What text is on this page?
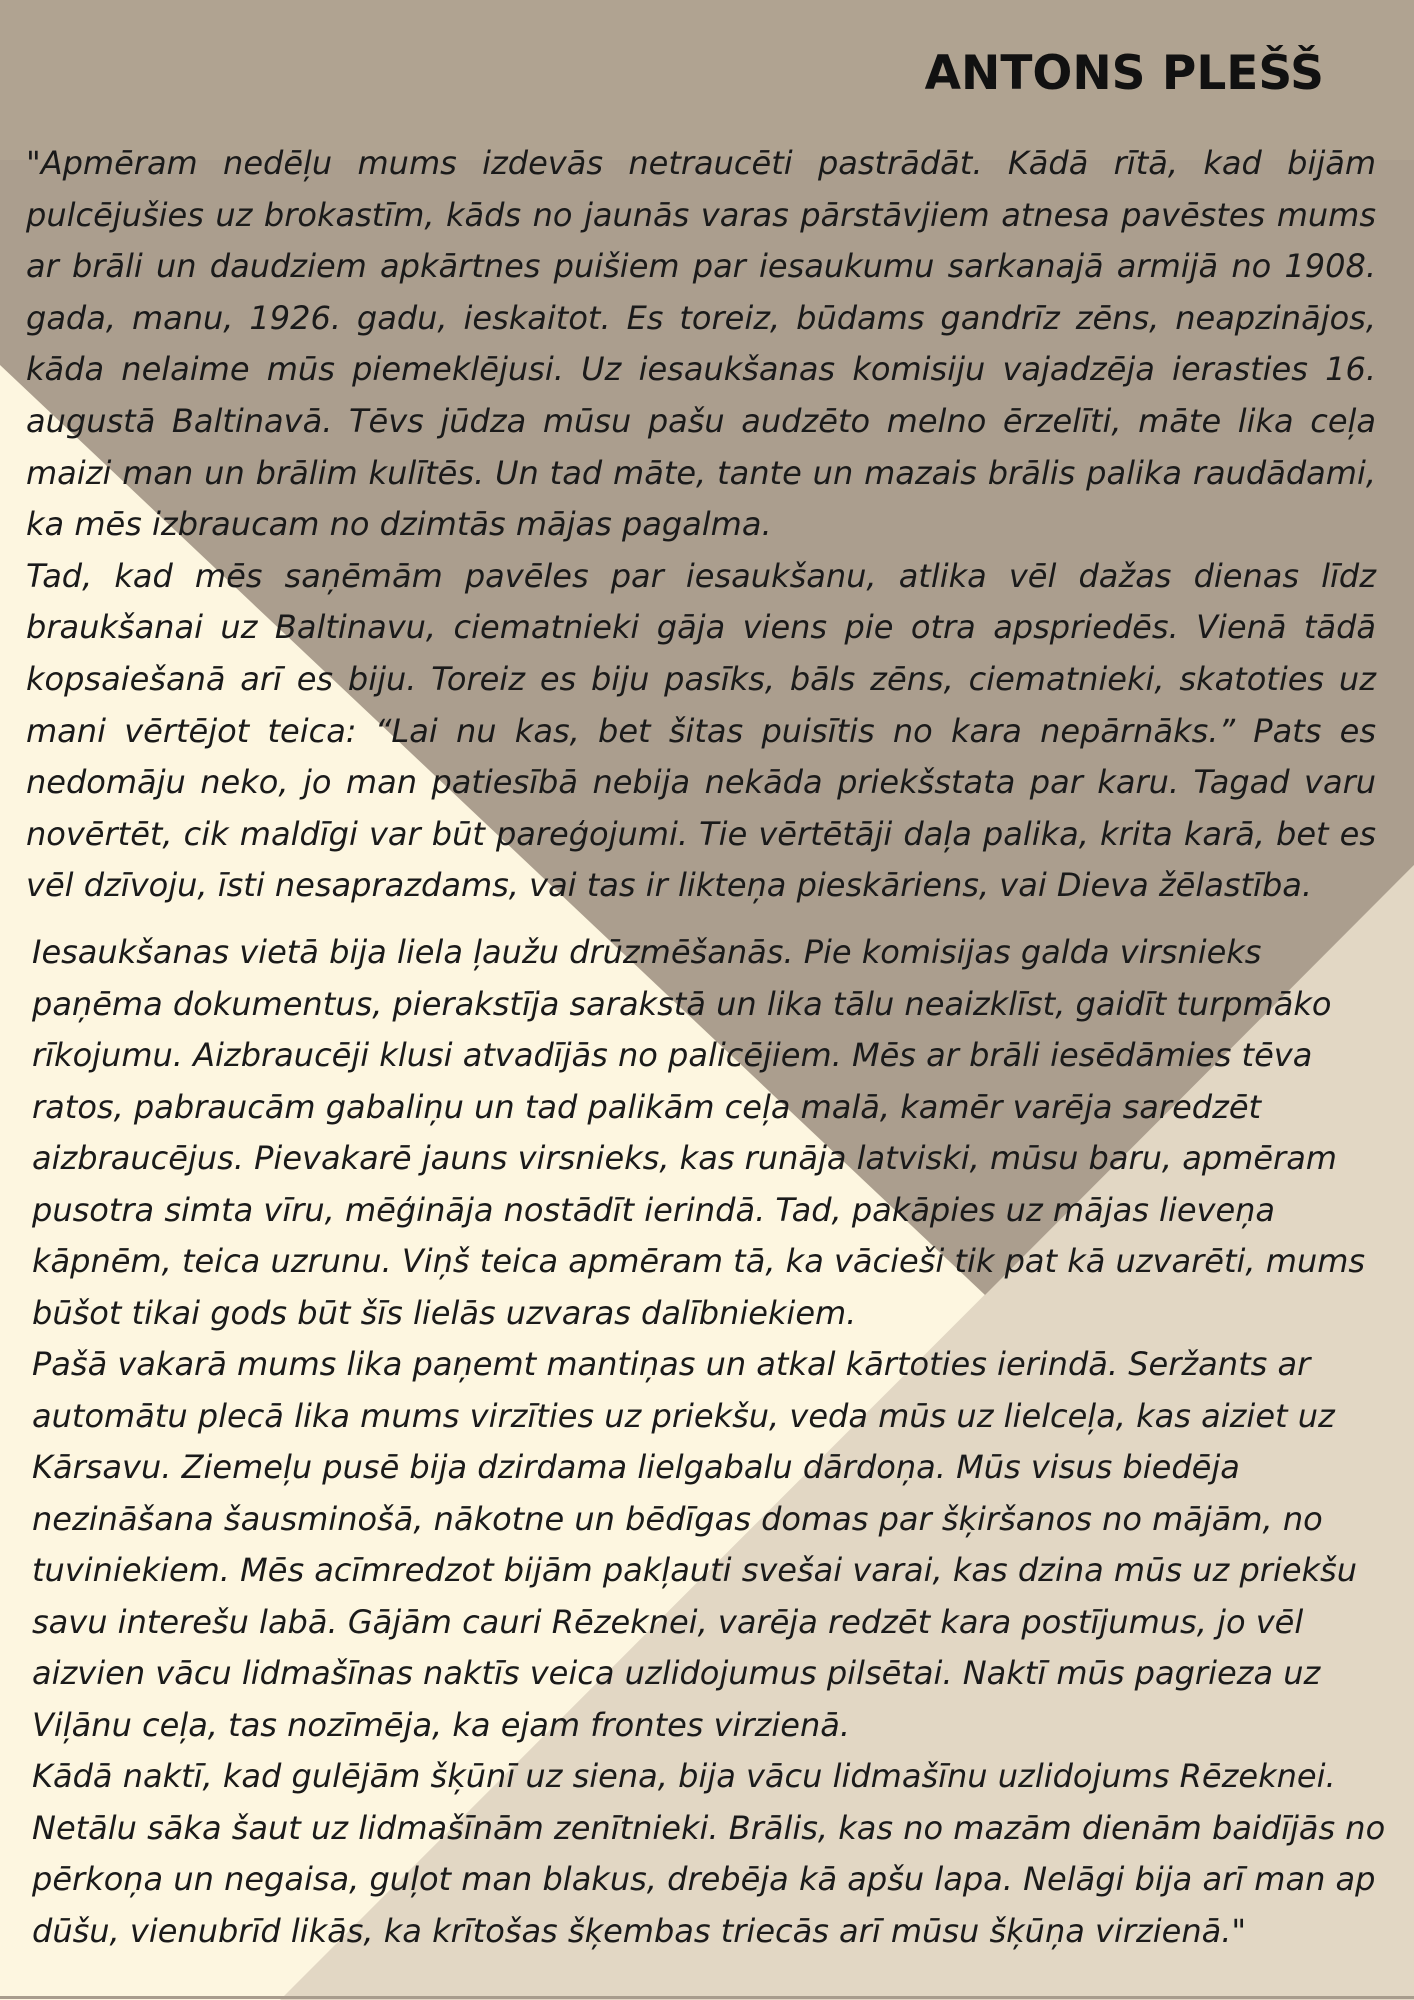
ANTONS PLEŠŠ

"Apmēram nedēļu mums izdevās netraucēti pastrādāt. Kādā rītā, kad bijām pulcējušies uz brokastīm, kāds no jaunās varas pārstāvjiem atnesa pavēstes mums ar brāli un daudziem apkārtnes puišiem par iesaukumu sarkanajā armijā no 1908. gada, manu, 1926. gadu, ieskaitot. Es toreiz, būdams gandrīz zēns, neapzinājos, kāda nelaime mūs piemeklējusi. Uz iesaukšanas komisiju vajadzēja ierasties 16. augustā Baltinavā. Tēvs jūdza mūsu pašu audzēto melno ērzelīti, māte lika ceļa maizi man un brālim kulītēs. Un tad māte, tante un mazais brālis palika raudādami, ka mēs izbraucam no dzimtās mājas pagalma.

Tad, kad mēs saņēmām pavēles par iesaukšanu, atlika vēl dažas dienas līdz braukšanai uz Baltinavu, ciematnieki gāja viens pie otra apspriedēs. Vienā tādā kopsaiešanā arī es biju. Toreiz es biju pasīks, bāls zēns, ciematnieki, skatoties uz mani vērtējot teica: “Lai nu kas, bet šitas puisītis no kara nepārnāks.” Pats es nedomāju neko, jo man patiesībā nebija nekāda priekšstata par karu. Tagad varu novērtēt, cik maldīgi var būt pareģojumi. Tie vērtētāji daļa palika, krita karā, bet es vēl dzīvoju, īsti nesaprazdams, vai tas ir likteņa pieskāriens, vai Dieva žēlastība.

Iesaukšanas vietā bija liela ļaužu drūzmēšanās. Pie komisijas galda virsnieks paņēma dokumentus, pierakstīja sarakstā un lika tālu neaizklīst, gaidīt turpmāko rīkojumu. Aizbraucēji klusi atvadījās no palicējiem. Mēs ar brāli iesēdāmies tēva ratos, pabraucām gabaliņu un tad palikām ceļa malā, kamēr varēja saredzēt aizbraucējus. Pievakarē jauns virsnieks, kas runāja latviski, mūsu baru, apmēram pusotra simta vīru, mēģināja nostādīt ierindā. Tad, pakāpies uz mājas lieveņa kāpnēm, teica uzrunu. Viņš teica apmēram tā, ka vācieši tik pat kā uzvarēti, mums būšot tikai gods būt šīs lielās uzvaras dalībniekiem.

Pašā vakarā mums lika paņemt mantiņas un atkal kārtoties ierindā. Seržants ar automātu plecā lika mums virzīties uz priekšu, veda mūs uz lielceļa, kas aiziet uz Kārsavu. Ziemeļu pusē bija dzirdama lielgabalu dārdoņa. Mūs visus biedēja nezināšana šausminošā, nākotne un bēdīgas domas par šķiršanos no mājām, no tuviniekiem. Mēs acīmredzot bijām pakļauti svešai varai, kas dzina mūs uz priekšu savu interešu labā. Gājām cauri Rēzeknei, varēja redzēt kara postījumus, jo vēl aizvien vācu lidmašīnas naktīs veica uzlidojumus pilsētai. Naktī mūs pagrieza uz Viļānu ceļa, tas nozīmēja, ka ejam frontes virzienā.

Kādā naktī, kad gulējām šķūnī uz siena, bija vācu lidmašīnu uzlidojums Rēzeknei. Netālu sāka šaut uz lidmašīnām zenītnieki. Brālis, kas no mazām dienām baidījās no pērkoņa un negaisa, guļot man blakus, drebēja kā apšu lapa. Nelāgi bija arī man ap dūšu, vienubrīd likās, ka krītošas šķembas triecās arī mūsu šķūņa virzienā."
